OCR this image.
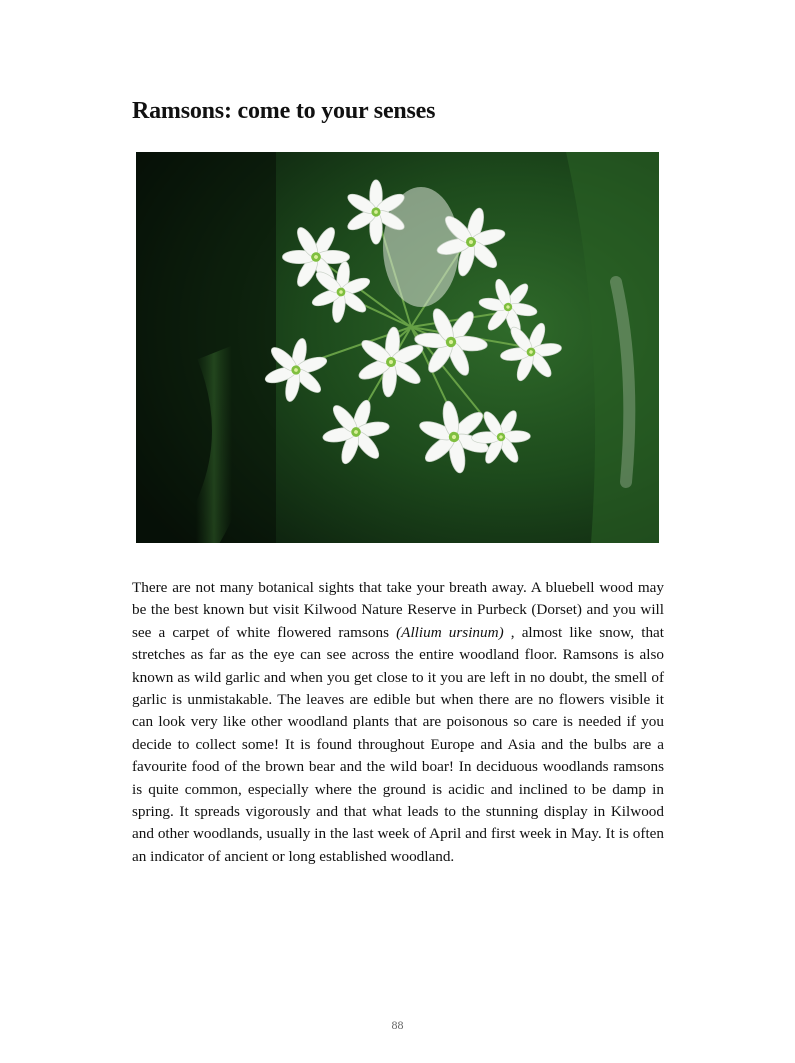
Ramsons: come to your senses

There are not many botanical sights that take your breath away. A bluebell wood may be the best known but visit Kilwood Nature Reserve in Purbeck (Dorset) and you will see a carpet of white flowered ramsons (Allium ursinum) , almost like snow, that stretches as far as the eye can see across the entire woodland floor. Ramsons is also known as wild garlic and when you get close to it you are left in no doubt, the smell of garlic is unmistakable. The leaves are edible but when there are no flowers visible it can look very like other woodland plants that are poisonous so care is needed if you decide to collect some! It is found throughout Europe and Asia and the bulbs are a favourite food of the brown bear and the wild boar! In deciduous woodlands ramsons is quite common, especially where the ground is acidic and inclined to be damp in spring. It spreads vigorously and that what leads to the stunning display in Kilwood and other woodlands, usually in the last week of April and first week in May. It is often an indicator of ancient or long established woodland.

88
